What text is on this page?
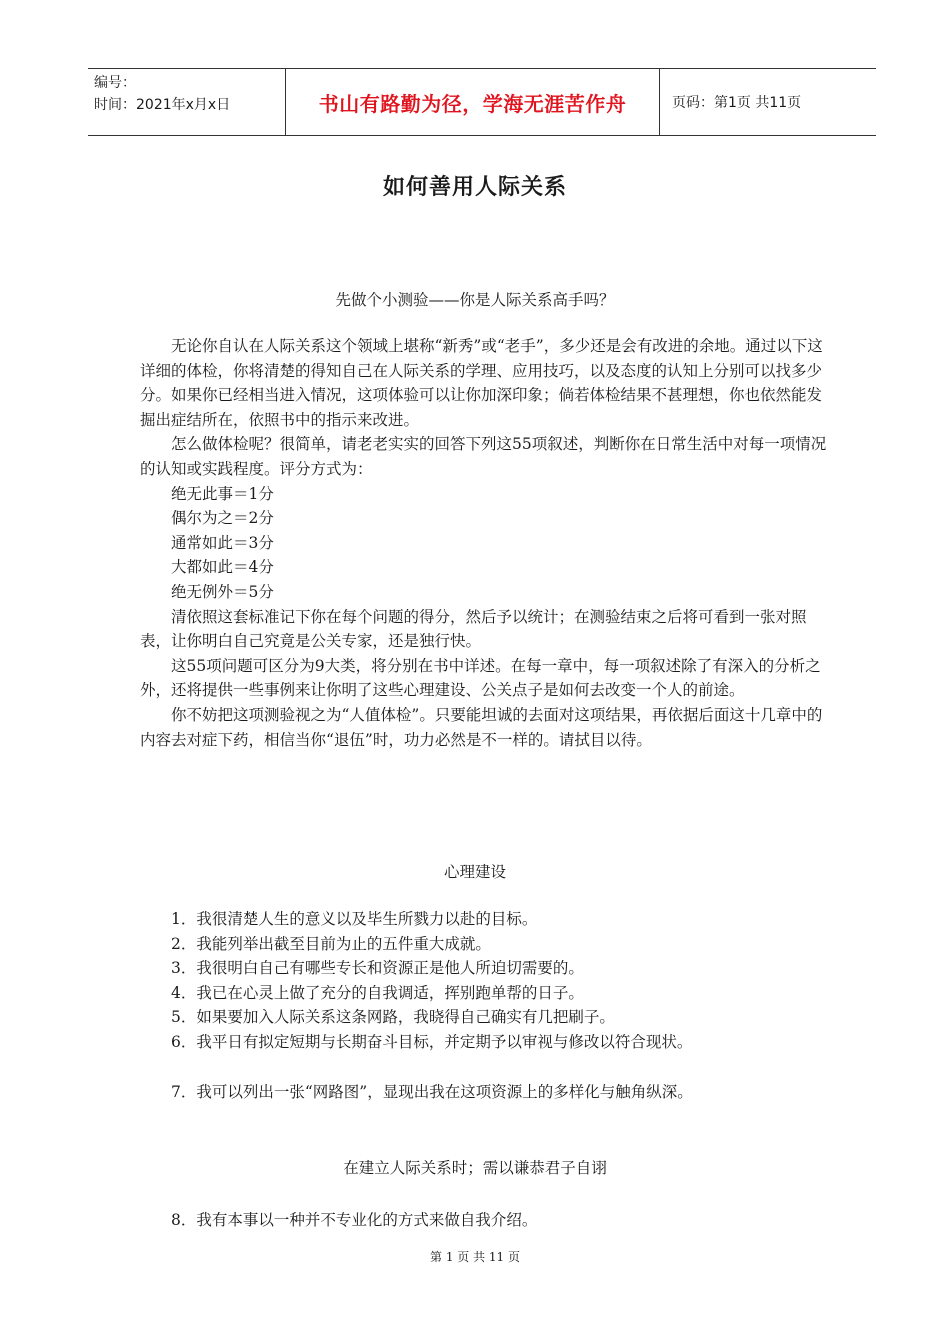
编号：
时间：2021年x月x日	书山有路勤为径，学海无涯苦作舟	页码：第1页 共11页
如何善用人际关系
先做个小测验——你是人际关系高手吗？

无论你自认在人际关系这个领域上堪称“新秀”或“老手”，多少还是会有改进的余地。通过以下这详细的体检，你将清楚的得知自己在人际关系的学理、应用技巧，以及态度的认知上分别可以找多少分。如果你已经相当进入情况，这项体验可以让你加深印象；倘若体检结果不甚理想，你也依然能发掘出症结所在，依照书中的指示来改进。

怎么做体检呢？很简单，请老老实实的回答下列这55项叙述，判断你在日常生活中对每一项情况的认知或实践程度。评分方式为：

绝无此事＝1分

偶尔为之＝2分

通常如此＝3分

大都如此＝4分

绝无例外＝5分

清依照这套标准记下你在每个问题的得分，然后予以统计；在测验结束之后将可看到一张对照表，让你明白自己究竟是公关专家，还是独行快。

这55项问题可区分为9大类，将分别在书中详述。在每一章中，每一项叙述除了有深入的分析之外，还将提供一些事例来让你明了这些心理建设、公关点子是如何去改变一个人的前途。

你不妨把这项测验视之为“人值体检”。只要能坦诚的去面对这项结果，再依据后面这十几章中的内容去对症下药，相信当你“退伍”时，功力必然是不一样的。请拭目以待。

心理建设

1．我很清楚人生的意义以及毕生所戮力以赴的目标。

2．我能列举出截至目前为止的五件重大成就。

3．我很明白自己有哪些专长和资源正是他人所迫切需要的。

4．我已在心灵上做了充分的自我调适，挥别跑单帮的日子。

5．如果要加入人际关系这条网路，我晓得自己确实有几把刷子。

6．我平日有拟定短期与长期奋斗目标，并定期予以审视与修改以符合现状。

7．我可以列出一张“网路图”，显现出我在这项资源上的多样化与触角纵深。

在建立人际关系时；需以谦恭君子自诩

8．我有本事以一种并不专业化的方式来做自我介绍。

第 1 页 共 11 页
